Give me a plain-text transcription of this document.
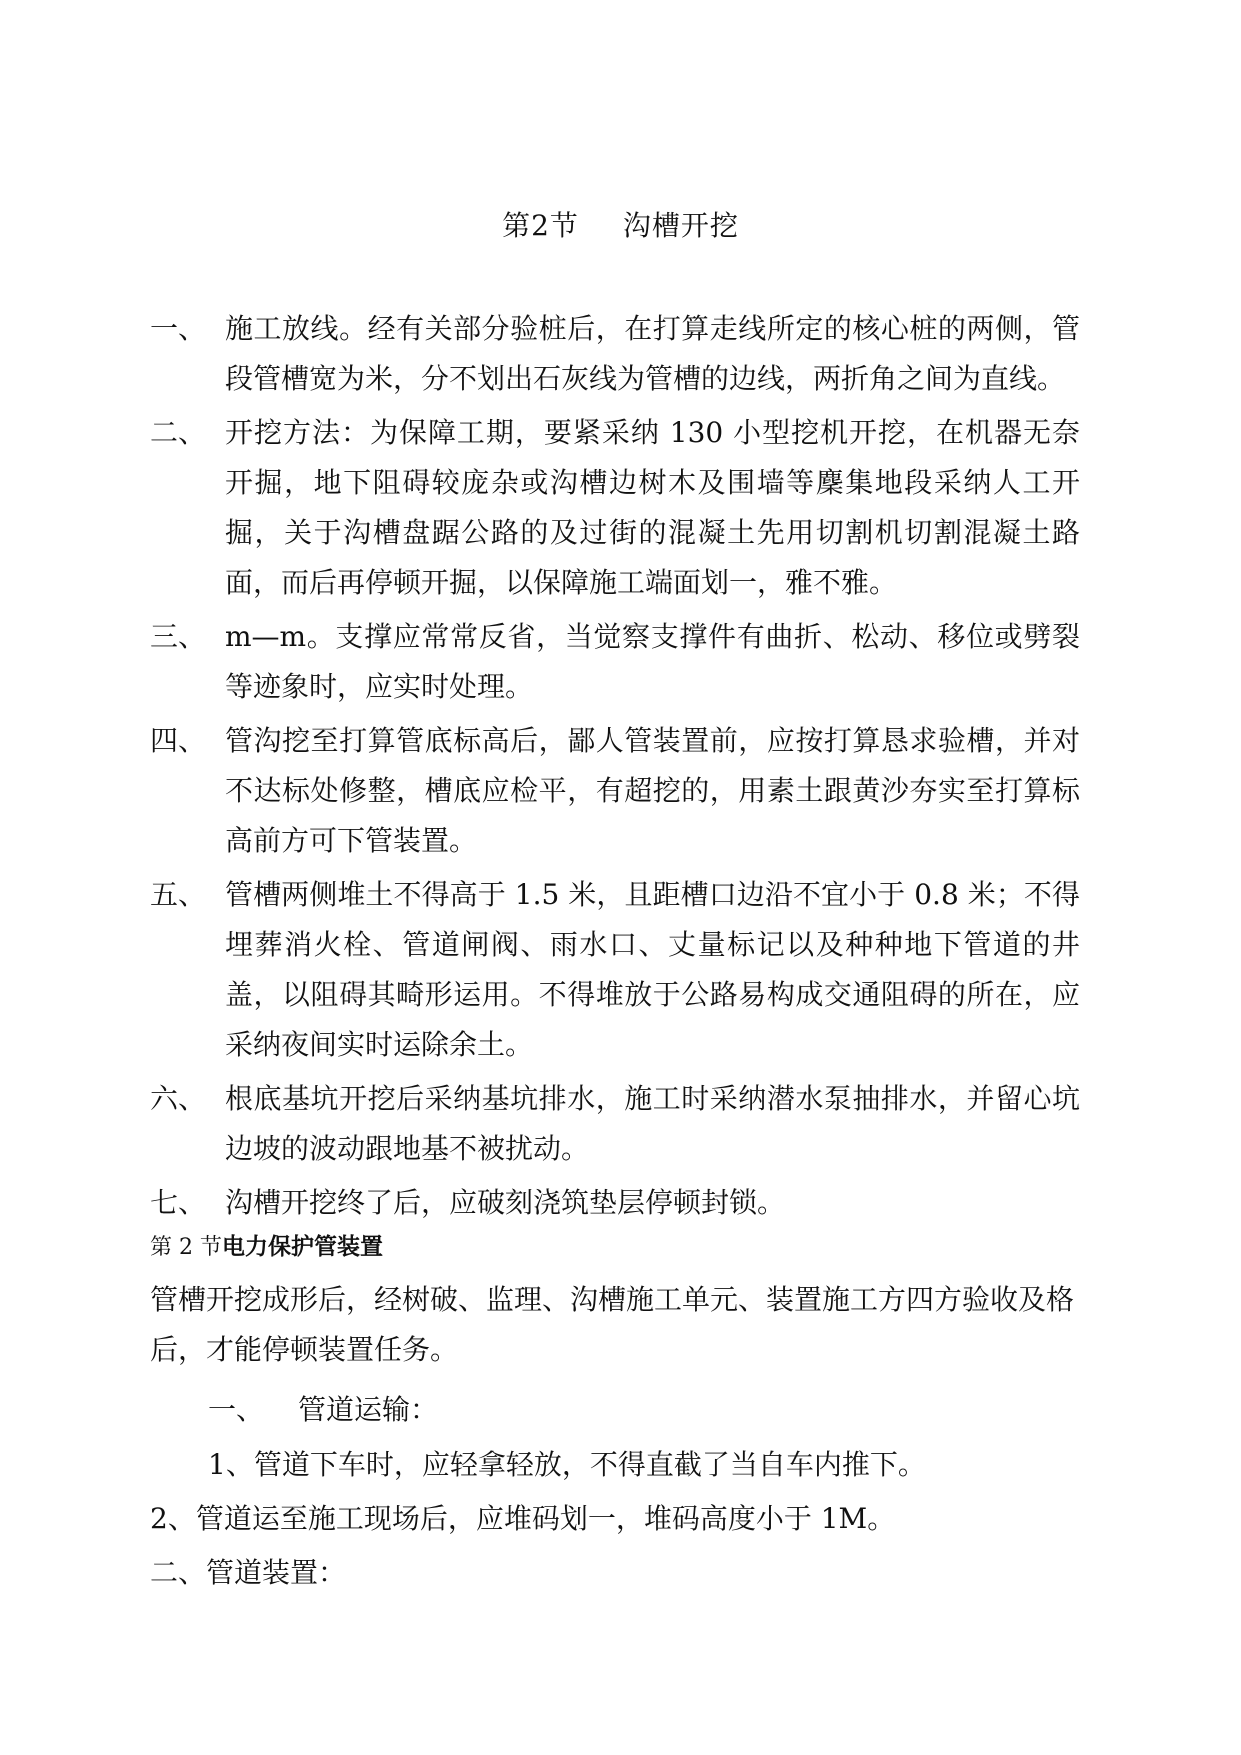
第2节 沟槽开挖
一、 施工放线。经有关部分验桩后，在打算走线所定的核心桩的两侧，管段管槽宽为米，分不划出石灰线为管槽的边线，两折角之间为直线。
二、 开挖方法：为保障工期，要紧采纳 130 小型挖机开挖，在机器无奈开掘，地下阻碍较庞杂或沟槽边树木及围墙等麇集地段采纳人工开掘，关于沟槽盘踞公路的及过街的混凝土先用切割机切割混凝土路面，而后再停顿开掘，以保障施工端面划一，雅不雅。
三、 m—m。支撑应常常反省，当觉察支撑件有曲折、松动、移位或劈裂等迹象时，应实时处理。
四、 管沟挖至打算管底标高后，鄙人管装置前，应按打算恳求验槽，并对不达标处修整，槽底应检平，有超挖的，用素土跟黄沙夯实至打算标高前方可下管装置。
五、 管槽两侧堆土不得高于 1.5 米，且距槽口边沿不宜小于 0.8 米；不得埋葬消火栓、管道闸阀、雨水口、丈量标记以及种种地下管道的井盖，以阻碍其畸形运用。不得堆放于公路易构成交通阻碍的所在，应采纳夜间实时运除余土。
六、 根底基坑开挖后采纳基坑排水，施工时采纳潜水泵抽排水，并留心坑边坡的波动跟地基不被扰动。
七、 沟槽开挖终了后，应破刻浇筑垫层停顿封锁。
第 2 节电力保护管装置
管槽开挖成形后，经树破、监理、沟槽施工单元、装置施工方四方验收及格后，才能停顿装置任务。
一、 管道运输：
1、管道下车时，应轻拿轻放，不得直截了当自车内推下。
2、管道运至施工现场后，应堆码划一，堆码高度小于 1M。
二、管道装置：
